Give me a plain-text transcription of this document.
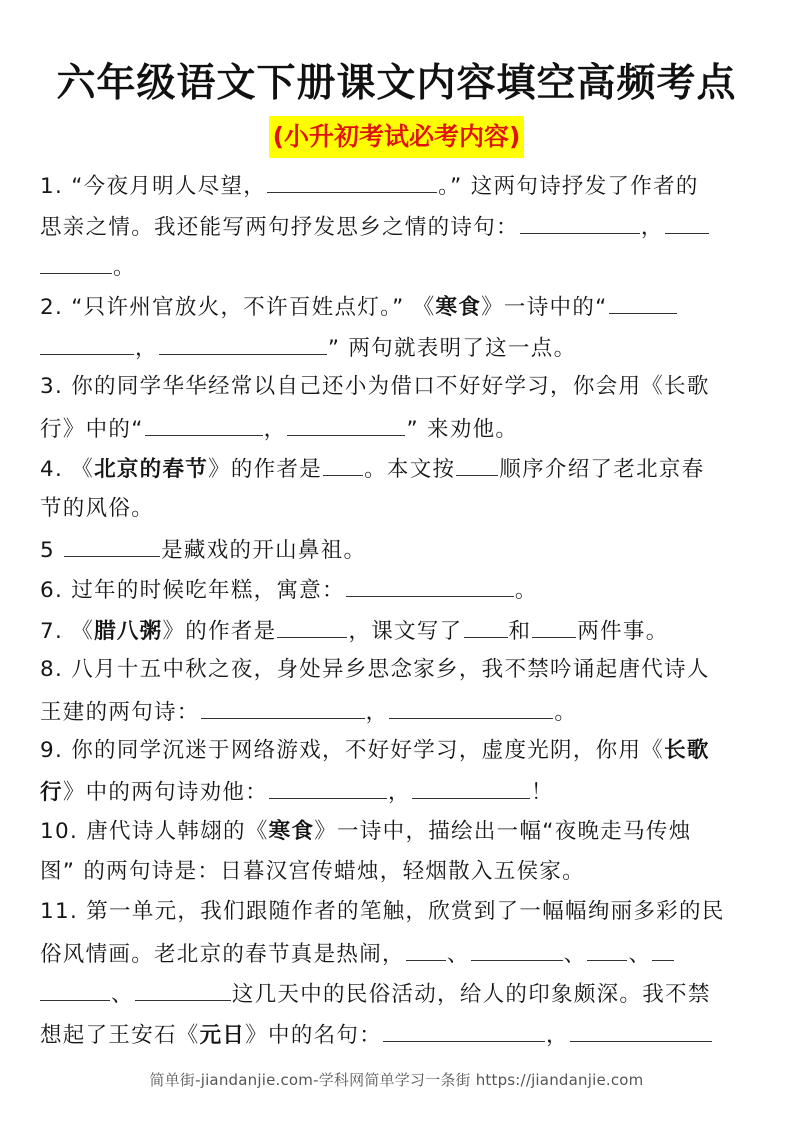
六年级语文下册课文内容填空高频考点
(小升初考试必考内容)
1. “今夜月明人尽望，	。” 这两句诗抒发了作者的
思亲之情。我还能写两句抒发思乡之情的诗句：	，
。
2. “只许州官放火，不许百姓点灯。” 《寒食》一诗中的“
，	” 两句就表明了这一点。
3. 你的同学华华经常以自己还小为借口不好好学习，你会用《长歌
行》中的“	，	” 来劝他。
4. 《北京的春节》的作者是 。本文按 顺序介绍了老北京春
节的风俗。
5	是藏戏的开山鼻祖。
6. 过年的时候吃年糕，寓意：	。
7. 《腊八粥》的作者是	，课文写了 和 两件事。
8. 八月十五中秋之夜，身处异乡思念家乡，我不禁吟诵起唐代诗人
王建的两句诗：	，	。
9. 你的同学沉迷于网络游戏，不好好学习，虚度光阴，你用《长歌
行》中的两句诗劝他：	，	！
10. 唐代诗人韩翃的《寒食》一诗中，描绘出一幅“夜晚走马传烛
图” 的两句诗是：日暮汉宫传蜡烛，轻烟散入五侯家。
11. 第一单元，我们跟随作者的笔触，欣赏到了一幅幅绚丽多彩的民
俗风情画。老北京的春节真是热闹， 、	、 、
、	这几天中的民俗活动，给人的印象颇深。我不禁
想起了王安石《元日》中的名句：	，
简单街-jiandanjie.com-学科网简单学习一条街 https://jiandanjie.com
